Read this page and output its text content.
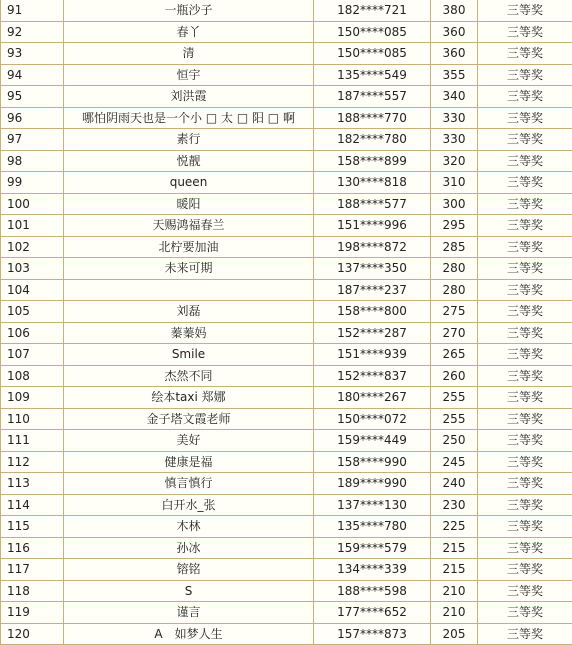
91	一瓶沙子	182****721	380	三等奖
92	春丫	150****085	360	三等奖
93	清	150****085	360	三等奖
94	恒宇	135****549	355	三等奖
95	刘洪霞	187****557	340	三等奖
96	哪怕阴雨天也是一个小 □ 太 □ 阳 □ 啊	188****770	330	三等奖
97	素行	182****780	330	三等奖
98	悦靓	158****899	320	三等奖
99	queen	130****818	310	三等奖
100	暖阳	188****577	300	三等奖
101	天赐鸿福春兰	151****996	295	三等奖
102	北柠要加油	198****872	285	三等奖
103	未来可期	137****350	280	三等奖
104		187****237	280	三等奖
105	刘磊	158****800	275	三等奖
106	蓁蓁妈	152****287	270	三等奖
107	Smile	151****939	265	三等奖
108	杰然不同	152****837	260	三等奖
109	绘本taxi 郑娜	180****267	255	三等奖
110	金子塔文霞老师	150****072	255	三等奖
111	美好	159****449	250	三等奖
112	健康是福	158****990	245	三等奖
113	慎言慎行	189****990	240	三等奖
114	白开水_张	137****130	230	三等奖
115	木林	135****780	225	三等奖
116	孙冰	159****579	215	三等奖
117	镕铭	134****339	215	三等奖
118	S	188****598	210	三等奖
119	谨言	177****652	210	三等奖
120	A　如梦人生	157****873	205	三等奖
